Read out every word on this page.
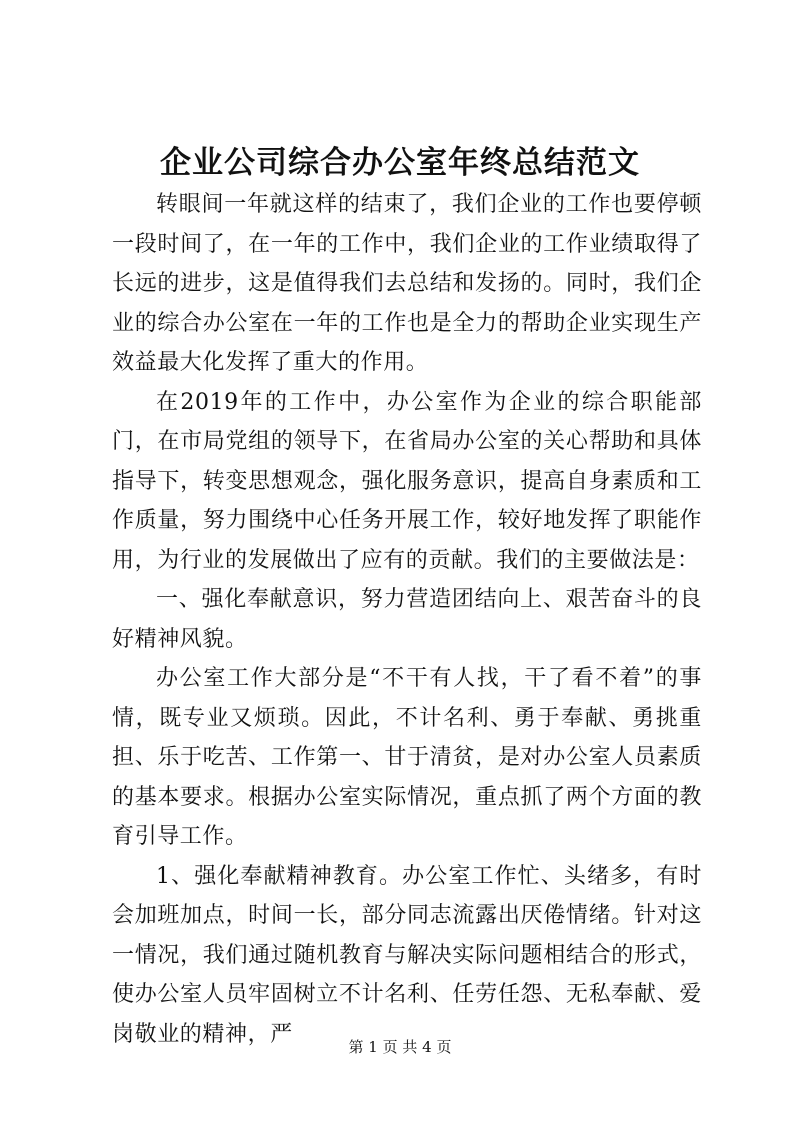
企业公司综合办公室年终总结范文

转眼间一年就这样的结束了，我们企业的工作也要停顿一段时间了，在一年的工作中，我们企业的工作业绩取得了长远的进步，这是值得我们去总结和发扬的。同时，我们企业的综合办公室在一年的工作也是全力的帮助企业实现生产效益最大化发挥了重大的作用。

在2019年的工作中，办公室作为企业的综合职能部门，在市局党组的领导下，在省局办公室的关心帮助和具体指导下，转变思想观念，强化服务意识，提高自身素质和工作质量，努力围绕中心任务开展工作，较好地发挥了职能作用，为行业的发展做出了应有的贡献。我们的主要做法是：

一、强化奉献意识，努力营造团结向上、艰苦奋斗的良好精神风貌。

办公室工作大部分是“不干有人找，干了看不着”的事情，既专业又烦琐。因此，不计名利、勇于奉献、勇挑重担、乐于吃苦、工作第一、甘于清贫，是对办公室人员素质的基本要求。根据办公室实际情况，重点抓了两个方面的教育引导工作。

1、强化奉献精神教育。办公室工作忙、头绪多，有时会加班加点，时间一长，部分同志流露出厌倦情绪。针对这一情况，我们通过随机教育与解决实际问题相结合的形式，使办公室人员牢固树立不计名利、任劳任怨、无私奉献、爱岗敬业的精神，严

第 1 页 共 4 页
